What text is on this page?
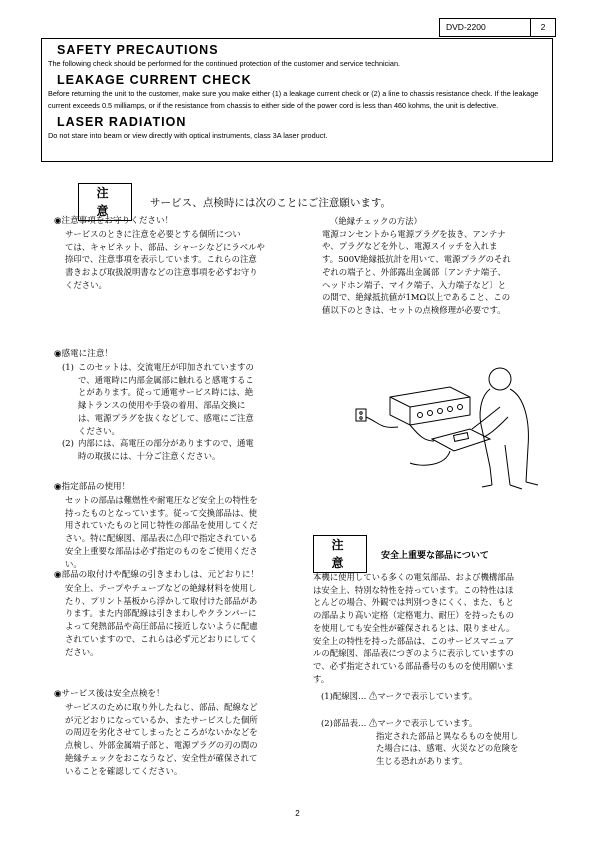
DVD-2200	2
SAFETY PRECAUTIONS

The following check should be performed for the continued protection of the customer and service technician.

LEAKAGE CURRENT CHECK

Before returning the unit to the customer, make sure you make either (1) a leakage current check or (2) a line to chassis resistance check. If the leakage current exceeds 0.5 milliamps, or if the resistance from chassis to either side of the power cord is less than 460 kohms, the unit is defective.

LASER RADIATION

Do not stare into beam or view directly with optical instruments, class 3A laser product.

注 意
サービス、点検時には次のことにご注意願います。
◉注意事項をお守りください！
サービスのときに注意を必要とする個所につい
ては、キャビネット、部品、シャーシなどにラベルや
捺印で、注意事項を表示しています。これらの注意
書きおよび取扱説明書などの注意事項を必ずお守り
ください。
◉感電に注意！
(1) このセットは、交流電圧が印加されていますの
で、通電時に内部金属部に触れると感電するこ
とがあります。従って通電サービス時には、絶
縁トランスの使用や手袋の着用、部品交換に
は、電源プラグを抜くなどして、感電にご注意
ください。
(2) 内部には、高電圧の部分がありますので、通電
時の取扱には、十分ご注意ください。
◉指定部品の使用！
セットの部品は難燃性や耐電圧など安全上の特性を
持ったものとなっています。従って交換部品は、使
用されていたものと同じ特性の部品を使用してくだ
さい。特に配線図、部品表に⚠印で指定されている
安全上重要な部品は必ず指定のものをご使用くださ
い。
◉部品の取付けや配線の引きまわしは、元どおりに！
安全上、テープやチューブなどの絶縁材料を使用し
たり、プリント基板から浮かして取付けた部品があ
ります。また内部配線は引きまわしやクランパーに
よって発熱部品や高圧部品に接近しないように配慮
されていますので、これらは必ず元どおりにしてく
ださい。
◉サービス後は安全点検を！
サービスのために取り外したねじ、部品、配線など
が元どおりになっているか、またサービスした個所
の周辺を劣化させてしまったところがないかなどを
点検し、外部金属端子部と、電源プラグの刃の間の
絶縁チェックをおこなうなど、安全性が確保されて
いることを確認してください。
（絶縁チェックの方法）
電源コンセントから電源プラグを抜き、アンテナ
や、プラグなどを外し、電源スイッチを入れま
す。500V絶縁抵抗計を用いて、電源プラグのそれ
ぞれの端子と、外部露出金属部〔アンテナ端子、
ヘッドホン端子、マイク端子、入力端子など〕と
の間で、絶縁抵抗値が1MΩ以上であること、この
値以下のときは、セットの点検修理が必要です。
注 意
安全上重要な部品について
本機に使用している多くの電気部品、および機構部品
は安全上、特別な特性を持っています。この特性はほ
とんどの場合、外観では判別つきにくく、また、もと
の部品より高い定格（定格電力、耐圧）を持ったもの
を使用しても安全性が確保されるとは、限りません。
安全上の特性を持った部品は、このサービスマニュア
ルの配線図、部品表につぎのように表示していますの
で、必ず指定されている部品番号のものを使用願いま
す。
(1)配線図… ⚠マークで表示しています。
(2)部品表… ⚠マークで表示しています。
指定された部品と異なるものを使用し
た場合には、感電、火災などの危険を
生じる恐れがあります。
2
